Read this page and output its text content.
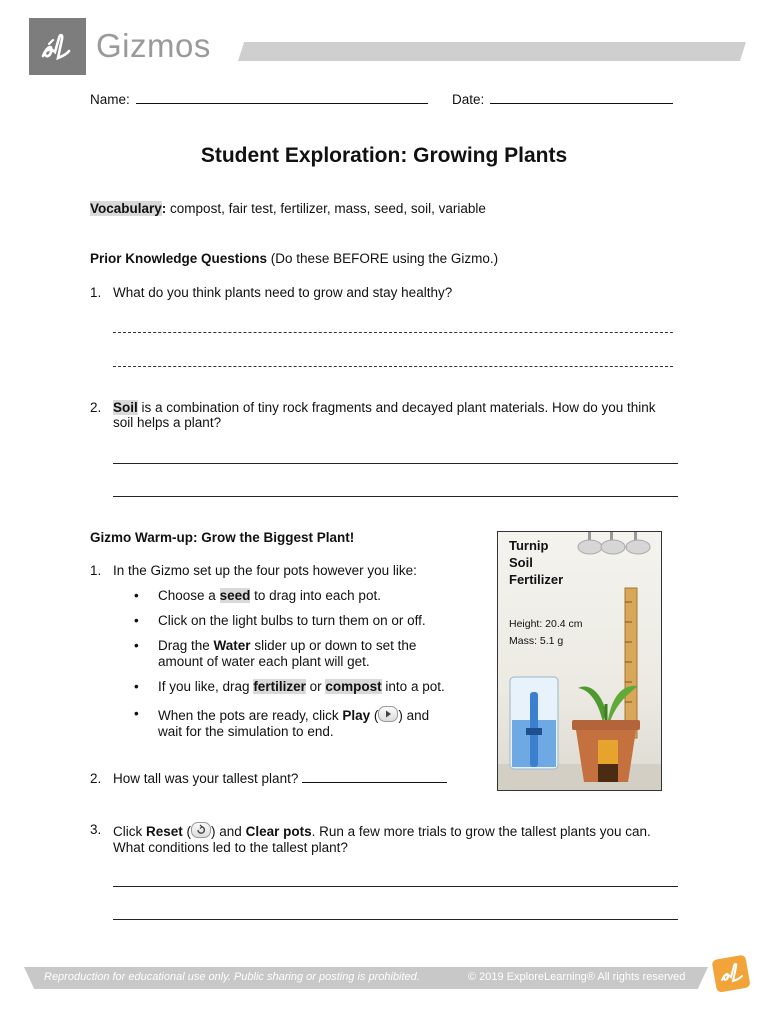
Gizmos
Name:	Date:
Student Exploration: Growing Plants
Vocabulary: compost, fair test, fertilizer, mass, seed, soil, variable
Prior Knowledge Questions (Do these BEFORE using the Gizmo.)
1. What do you think plants need to grow and stay healthy?
2. Soil is a combination of tiny rock fragments and decayed plant materials. How do you think
soil helps a plant?
Gizmo Warm-up: Grow the Biggest Plant!
1. In the Gizmo set up the four pots however you like:
• Choose a seed to drag into each pot.
• Click on the light bulbs to turn them on or off.
• Drag the Water slider up or down to set the
amount of water each plant will get.
• If you like, drag fertilizer or compost into a pot.
• When the pots are ready, click Play ( ) and
wait for the simulation to end.
2. How tall was your tallest plant?
3. Click Reset ( ) and Clear pots. Run a few more trials to grow the tallest plants you can.
What conditions led to the tallest plant?
Turnip
Soil
Fertilizer
Height: 20.4 cm
Mass: 5.1 g
Reproduction for educational use only. Public sharing or posting is prohibited.	© 2019 ExploreLearning® All rights reserved
